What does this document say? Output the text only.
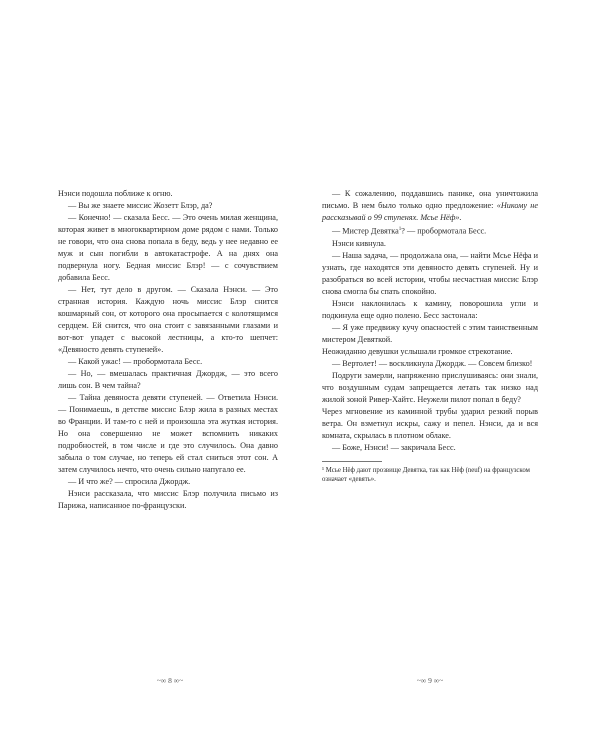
Нэнси подошла поближе к огню.

— Вы же знаете миссис Жозетт Блэр, да?

— Конечно! — сказала Бесс. — Это очень милая женщина, которая живет в многоквартирном доме рядом с нами. Только не говори, что она снова попала в беду, ведь у нее недавно ее муж и сын погибли в автокатастрофе. А на днях она подвернула ногу. Бедная миссис Блэр! — с сочувствием добавила Бесс.

— Нет, тут дело в другом. — Сказала Нэнси. — Это странная история. Каждую ночь миссис Блэр снится кошмарный сон, от которого она просыпается с колотящимся сердцем. Ей снится, что она стоит с завязанными глазами и вот-вот упадет с высокой лестницы, а кто-то шепчет: «Девяносто девять ступеней».

— Какой ужас! — пробормотала Бесс.

— Но, — вмешалась практичная Джордж, — это всего лишь сон. В чем тайна?

— Тайна девяноста девяти ступеней. — Ответила Нэнси. — Понимаешь, в детстве миссис Блэр жила в разных местах во Франции. И там-то с ней и произошла эта жуткая история. Но она совершенно не может вспомнить никаких подробностей, в том числе и где это случилось. Она давно забыла о том случае, но теперь ей стал сниться этот сон. А затем случилось нечто, что очень сильно напугало ее.

— И что же? — спросила Джордж.

Нэнси рассказала, что миссис Блэр получила письмо из Парижа, написанное по-французски.

— К сожалению, поддавшись панике, она уничтожила письмо. В нем было только одно предложение: «Никому не рассказывай о 99 ступенях. Мсье Нёф».

— Мистер Девятка$^1$? — пробормотала Бесс.

Нэнси кивнула.

— Наша задача, — продолжала она, — найти Мсье Нёфа и узнать, где находятся эти девяносто девять ступеней. Ну и разобраться во всей истории, чтобы несчастная миссис Блэр снова смогла бы спать спокойно.

Нэнси наклонилась к камину, поворошила угли и подкинула еще одно полено. Бесс застонала:

— Я уже предвижу кучу опасностей с этим таинственным мистером Девяткой.

Неожиданно девушки услышали громкое стрекотание.

— Вертолет! — воскликнула Джордж. — Совсем близко!

Подруги замерли, напряженно прислушиваясь: они знали, что воздушным судам запрещается летать так низко над жилой зоной Ривер-Хайтс. Неужели пилот попал в беду?

Через мгновение из каминной трубы ударил резкий порыв ветра. Он взметнул искры, сажу и пепел. Нэнси, да и вся комната, скрылась в плотном облаке.

— Боже, Нэнси! — закричала Бесс.

¹ Мсье Нёф дают прозвище Девятка, так как Нёф (neuf) на французском означает «девять».
~∞ 8 ∞~	~∞ 9 ∞~
